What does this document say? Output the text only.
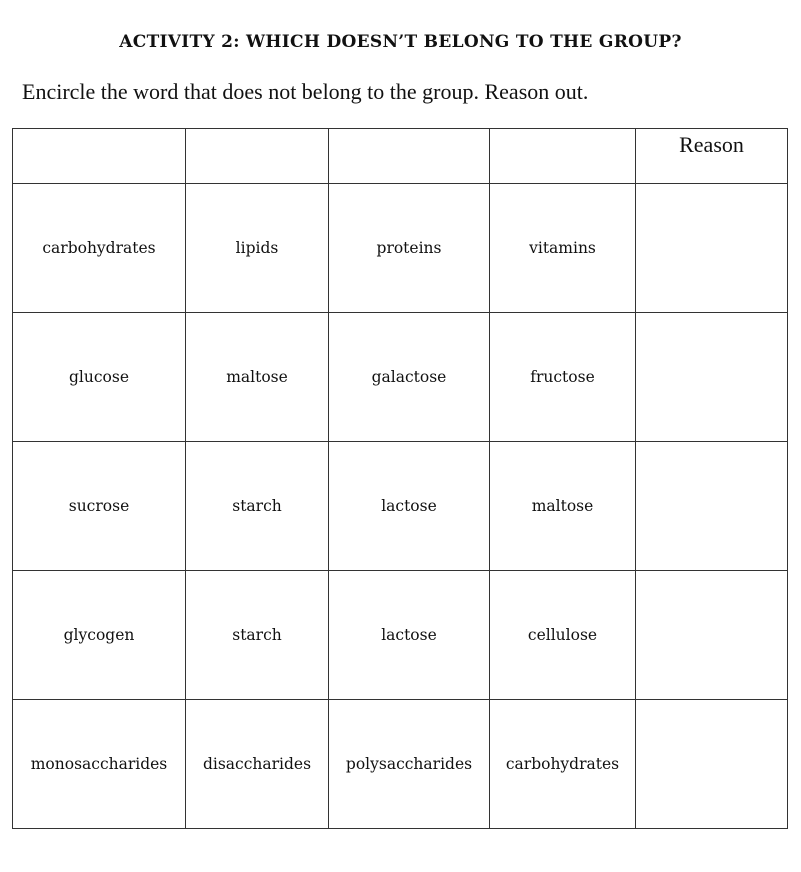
ACTIVITY 2: WHICH DOESN’T BELONG TO THE GROUP?
Encircle the word that does not belong to the group. Reason out.
				Reason
carbohydrates	lipids	proteins	vitamins	
glucose	maltose	galactose	fructose	
sucrose	starch	lactose	maltose	
glycogen	starch	lactose	cellulose	
monosaccharides	disaccharides	polysaccharides	carbohydrates	
